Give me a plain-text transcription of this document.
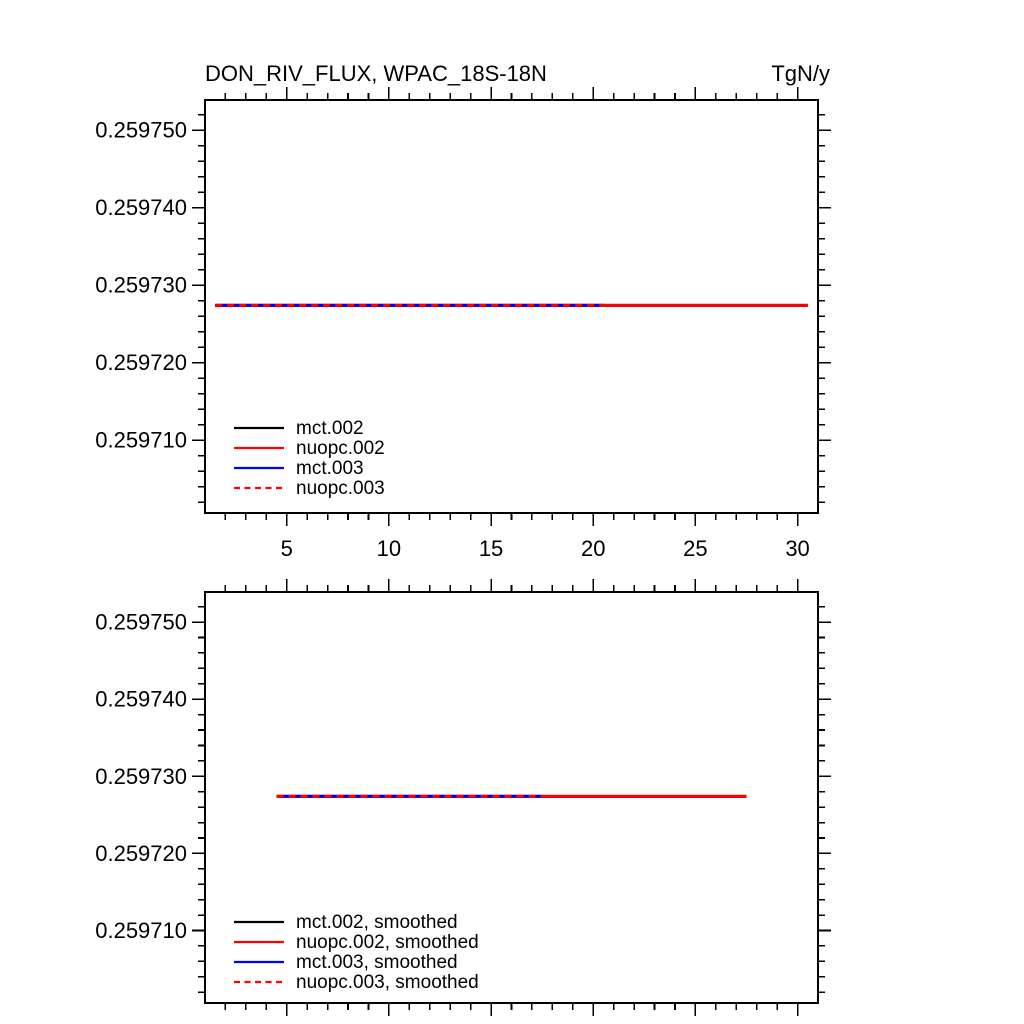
DON_RIV_FLUX, WPAC_18S-18N	TgN/y
5	10	15	20	25	30
0.259710
0.259720
0.259730
0.259740
0.259750
mct.002
nuopc.002
mct.003
nuopc.003
0.259710
0.259720
0.259730
0.259740
0.259750
mct.002, smoothed
nuopc.002, smoothed
mct.003, smoothed
nuopc.003, smoothed
